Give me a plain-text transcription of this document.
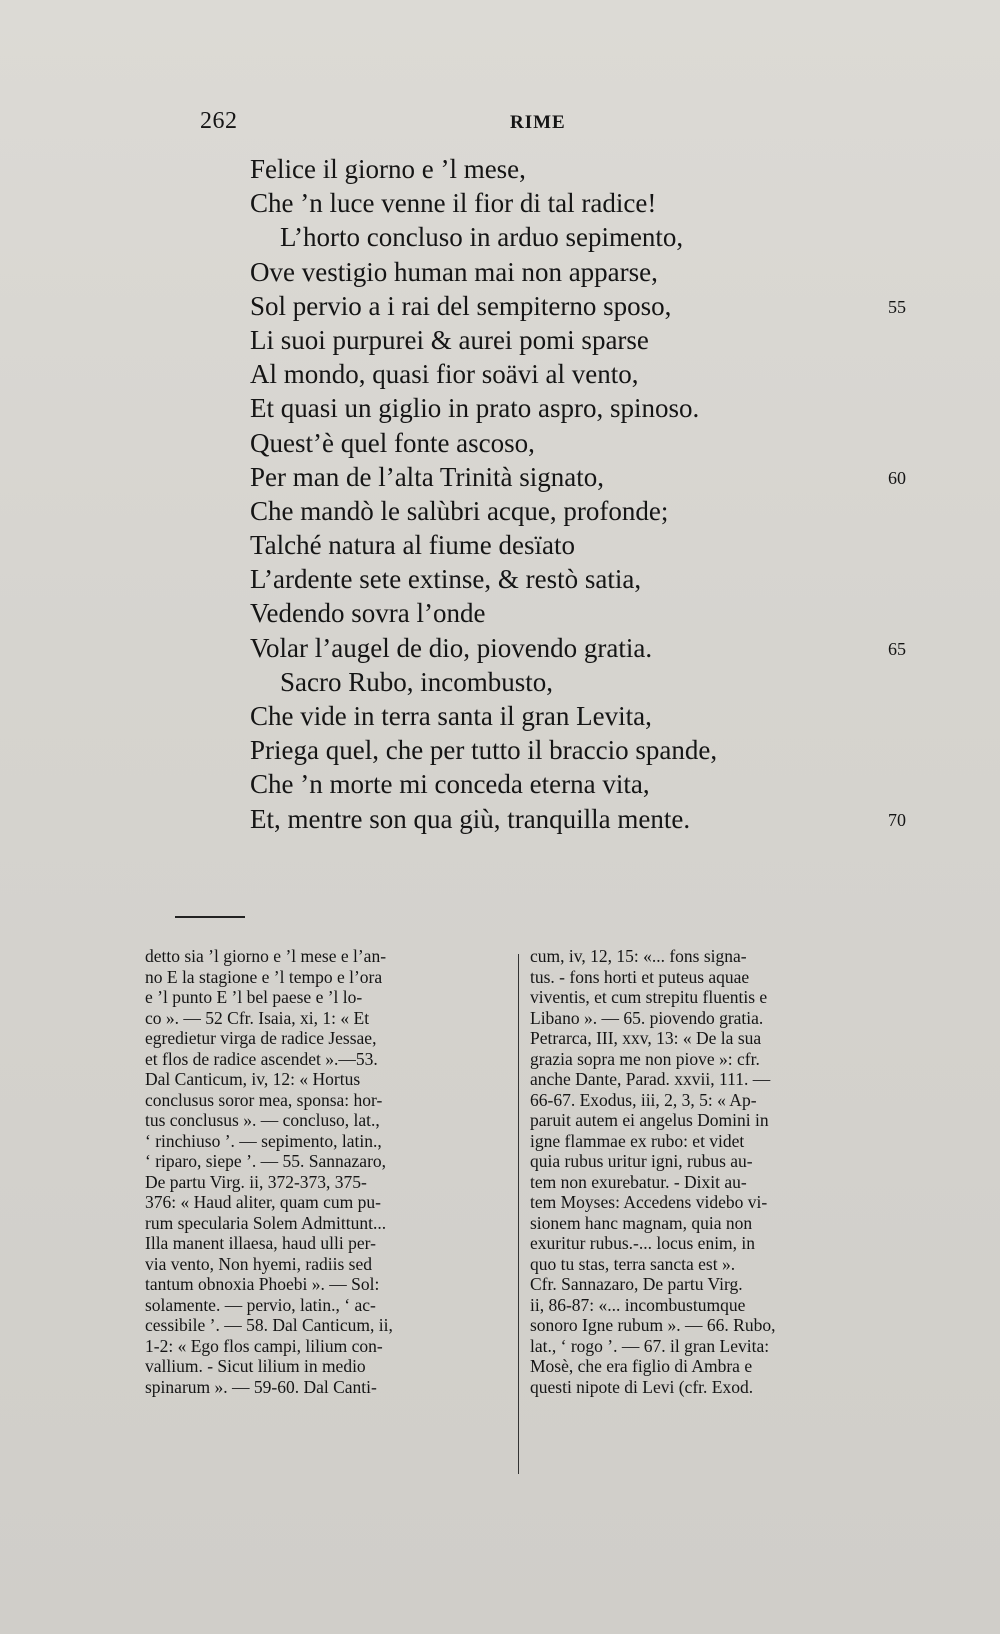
262	RIME
Felice il giorno e ’l mese,
Che ’n luce venne il fior di tal radice!
L’horto concluso in arduo sepimento,
Ove vestigio human mai non apparse,
Sol pervio a i rai del sempiterno sposo,
Li suoi purpurei & aurei pomi sparse
Al mondo, quasi fior soävi al vento,
Et quasi un giglio in prato aspro, spinoso.
Quest’è quel fonte ascoso,
Per man de l’alta Trinità signato,
Che mandò le salùbri acque, profonde;
Talché natura al fiume desïato
L’ardente sete extinse, & restò satia,
Vedendo sovra l’onde
Volar l’augel de dio, piovendo gratia.
Sacro Rubo, incombusto,
Che vide in terra santa il gran Levita,
Priega quel, che per tutto il braccio spande,
Che ’n morte mi conceda eterna vita,
Et, mentre son qua giù, tranquilla mente.
55
60
65
70
detto sia ’l giorno e ’l mese e l’an-
no E la stagione e ’l tempo e l’ora
e ’l punto E ’l bel paese e ’l lo-
co ». — 52 Cfr. Isaia, xi, 1: « Et
egredietur virga de radice Jessae,
et flos de radice ascendet ».—53.
Dal Canticum, iv, 12: « Hortus
conclusus soror mea, sponsa: hor-
tus conclusus ». — concluso, lat.,
‘ rinchiuso ’. — sepimento, latin.,
‘ riparo, siepe ’. — 55. Sannazaro,
De partu Virg. ii, 372-373, 375-
376: « Haud aliter, quam cum pu-
rum specularia Solem Admittunt...
Illa manent illaesa, haud ulli per-
via vento, Non hyemi, radiis sed
tantum obnoxia Phoebi ». — Sol:
solamente. — pervio, latin., ‘ ac-
cessibile ’. — 58. Dal Canticum, ii,
1-2: « Ego flos campi, lilium con-
vallium. - Sicut lilium in medio
spinarum ». — 59-60. Dal Canti-
cum, iv, 12, 15: «... fons signa-
tus. - fons horti et puteus aquae
viventis, et cum strepitu fluentis e
Libano ». — 65. piovendo gratia.
Petrarca, III, xxv, 13: « De la sua
grazia sopra me non piove »: cfr.
anche Dante, Parad. xxvii, 111. —
66-67. Exodus, iii, 2, 3, 5: « Ap-
paruit autem ei angelus Domini in
igne flammae ex rubo: et videt
quia rubus uritur igni, rubus au-
tem non exurebatur. - Dixit au-
tem Moyses: Accedens videbo vi-
sionem hanc magnam, quia non
exuritur rubus.-... locus enim, in
quo tu stas, terra sancta est ».
Cfr. Sannazaro, De partu Virg.
ii, 86-87: «... incombustumque
sonoro Igne rubum ». — 66. Rubo,
lat., ‘ rogo ’. — 67. il gran Levita:
Mosè, che era figlio di Ambra e
questi nipote di Levi (cfr. Exod.
